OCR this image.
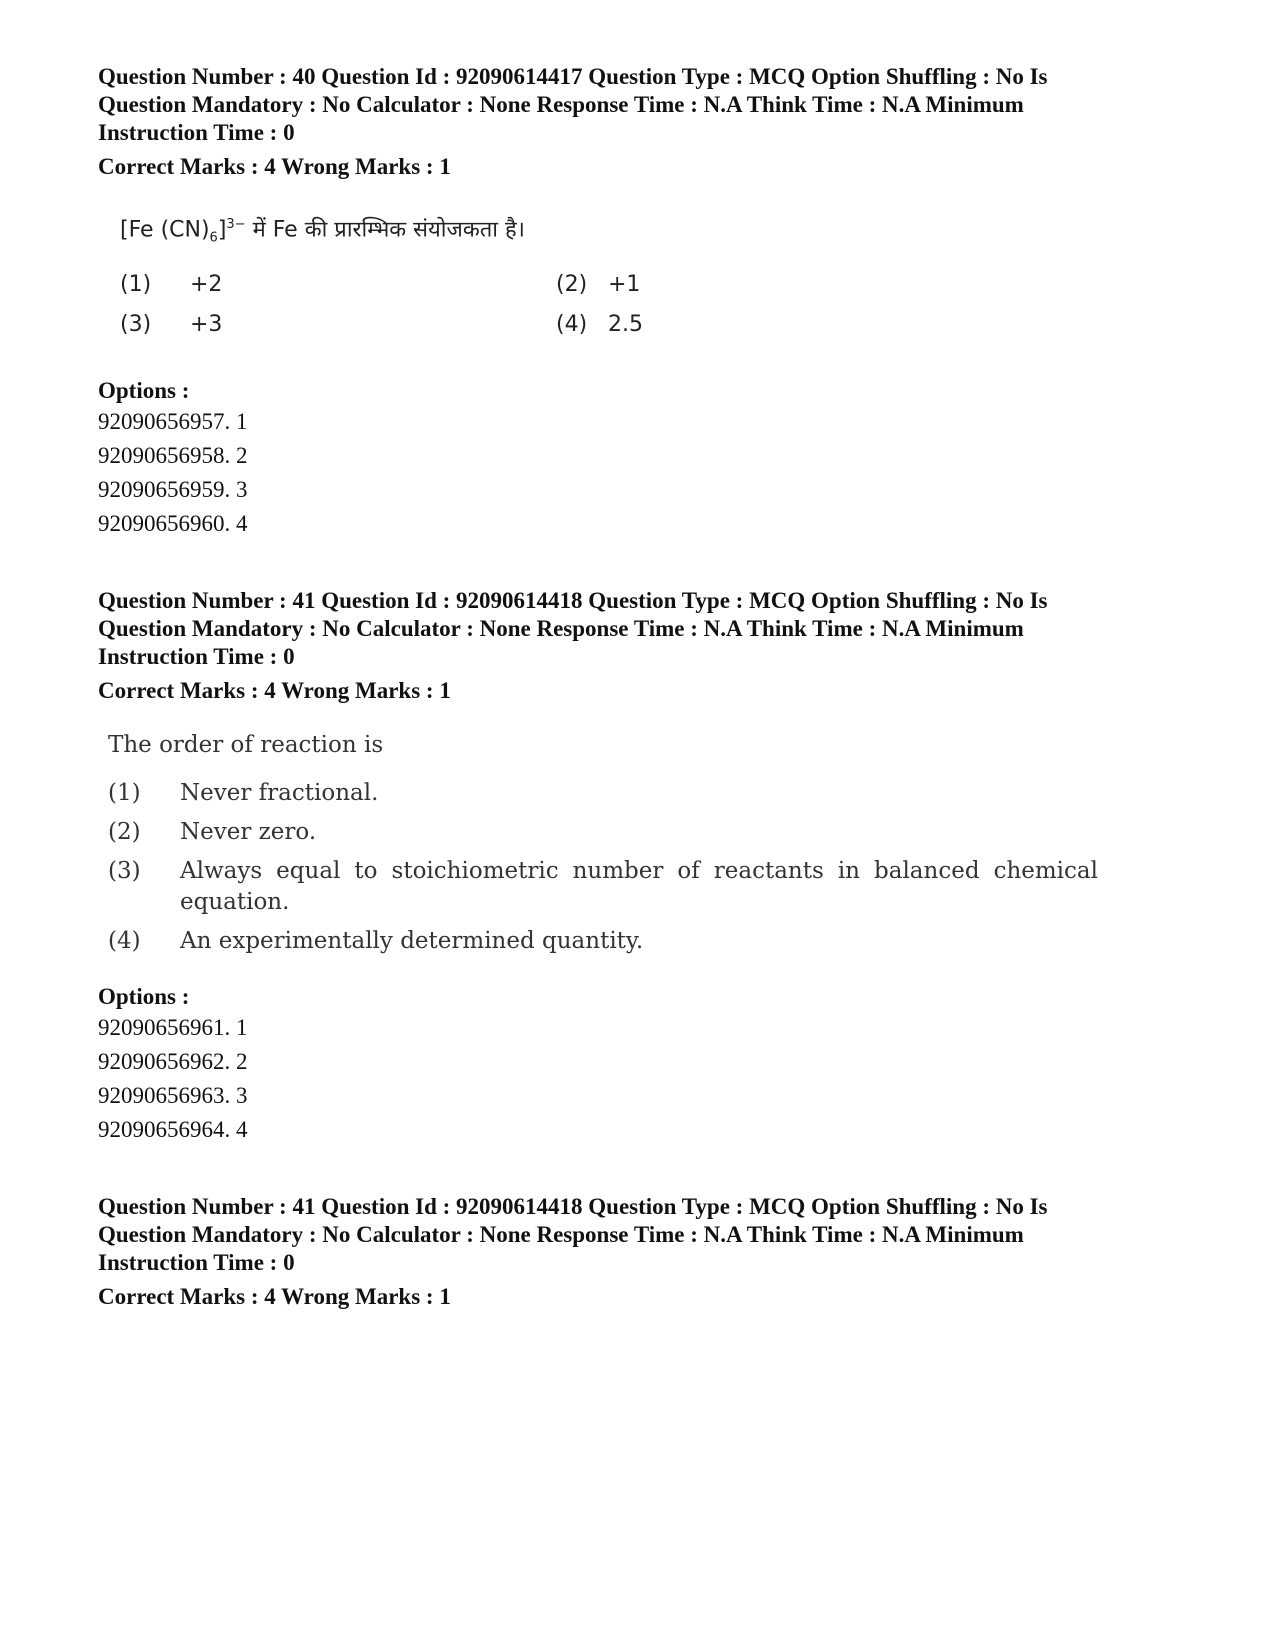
Question Number : 40 Question Id : 92090614417 Question Type : MCQ Option Shuffling : No Is
Question Mandatory : No Calculator : None Response Time : N.A Think Time : N.A Minimum
Instruction Time : 0
Correct Marks : 4 Wrong Marks : 1
[Fe $(CN)_6]^{3-}$ में Fe की प्रारम्भिक संयोजकता है।
(1) +2	(2) +1
(3) +3	(4) 2.5
Options :
92090656957. 1
92090656958. 2
92090656959. 3
92090656960. 4
Question Number : 41 Question Id : 92090614418 Question Type : MCQ Option Shuffling : No Is
Question Mandatory : No Calculator : None Response Time : N.A Think Time : N.A Minimum
Instruction Time : 0
Correct Marks : 4 Wrong Marks : 1
The order of reaction is
(1)	Never fractional.
(2)	Never zero.
(3)	Always equal to stoichiometric number of reactants in balanced chemical equation.
(4)	An experimentally determined quantity.
Options :
92090656961. 1
92090656962. 2
92090656963. 3
92090656964. 4
Question Number : 41 Question Id : 92090614418 Question Type : MCQ Option Shuffling : No Is
Question Mandatory : No Calculator : None Response Time : N.A Think Time : N.A Minimum
Instruction Time : 0
Correct Marks : 4 Wrong Marks : 1
